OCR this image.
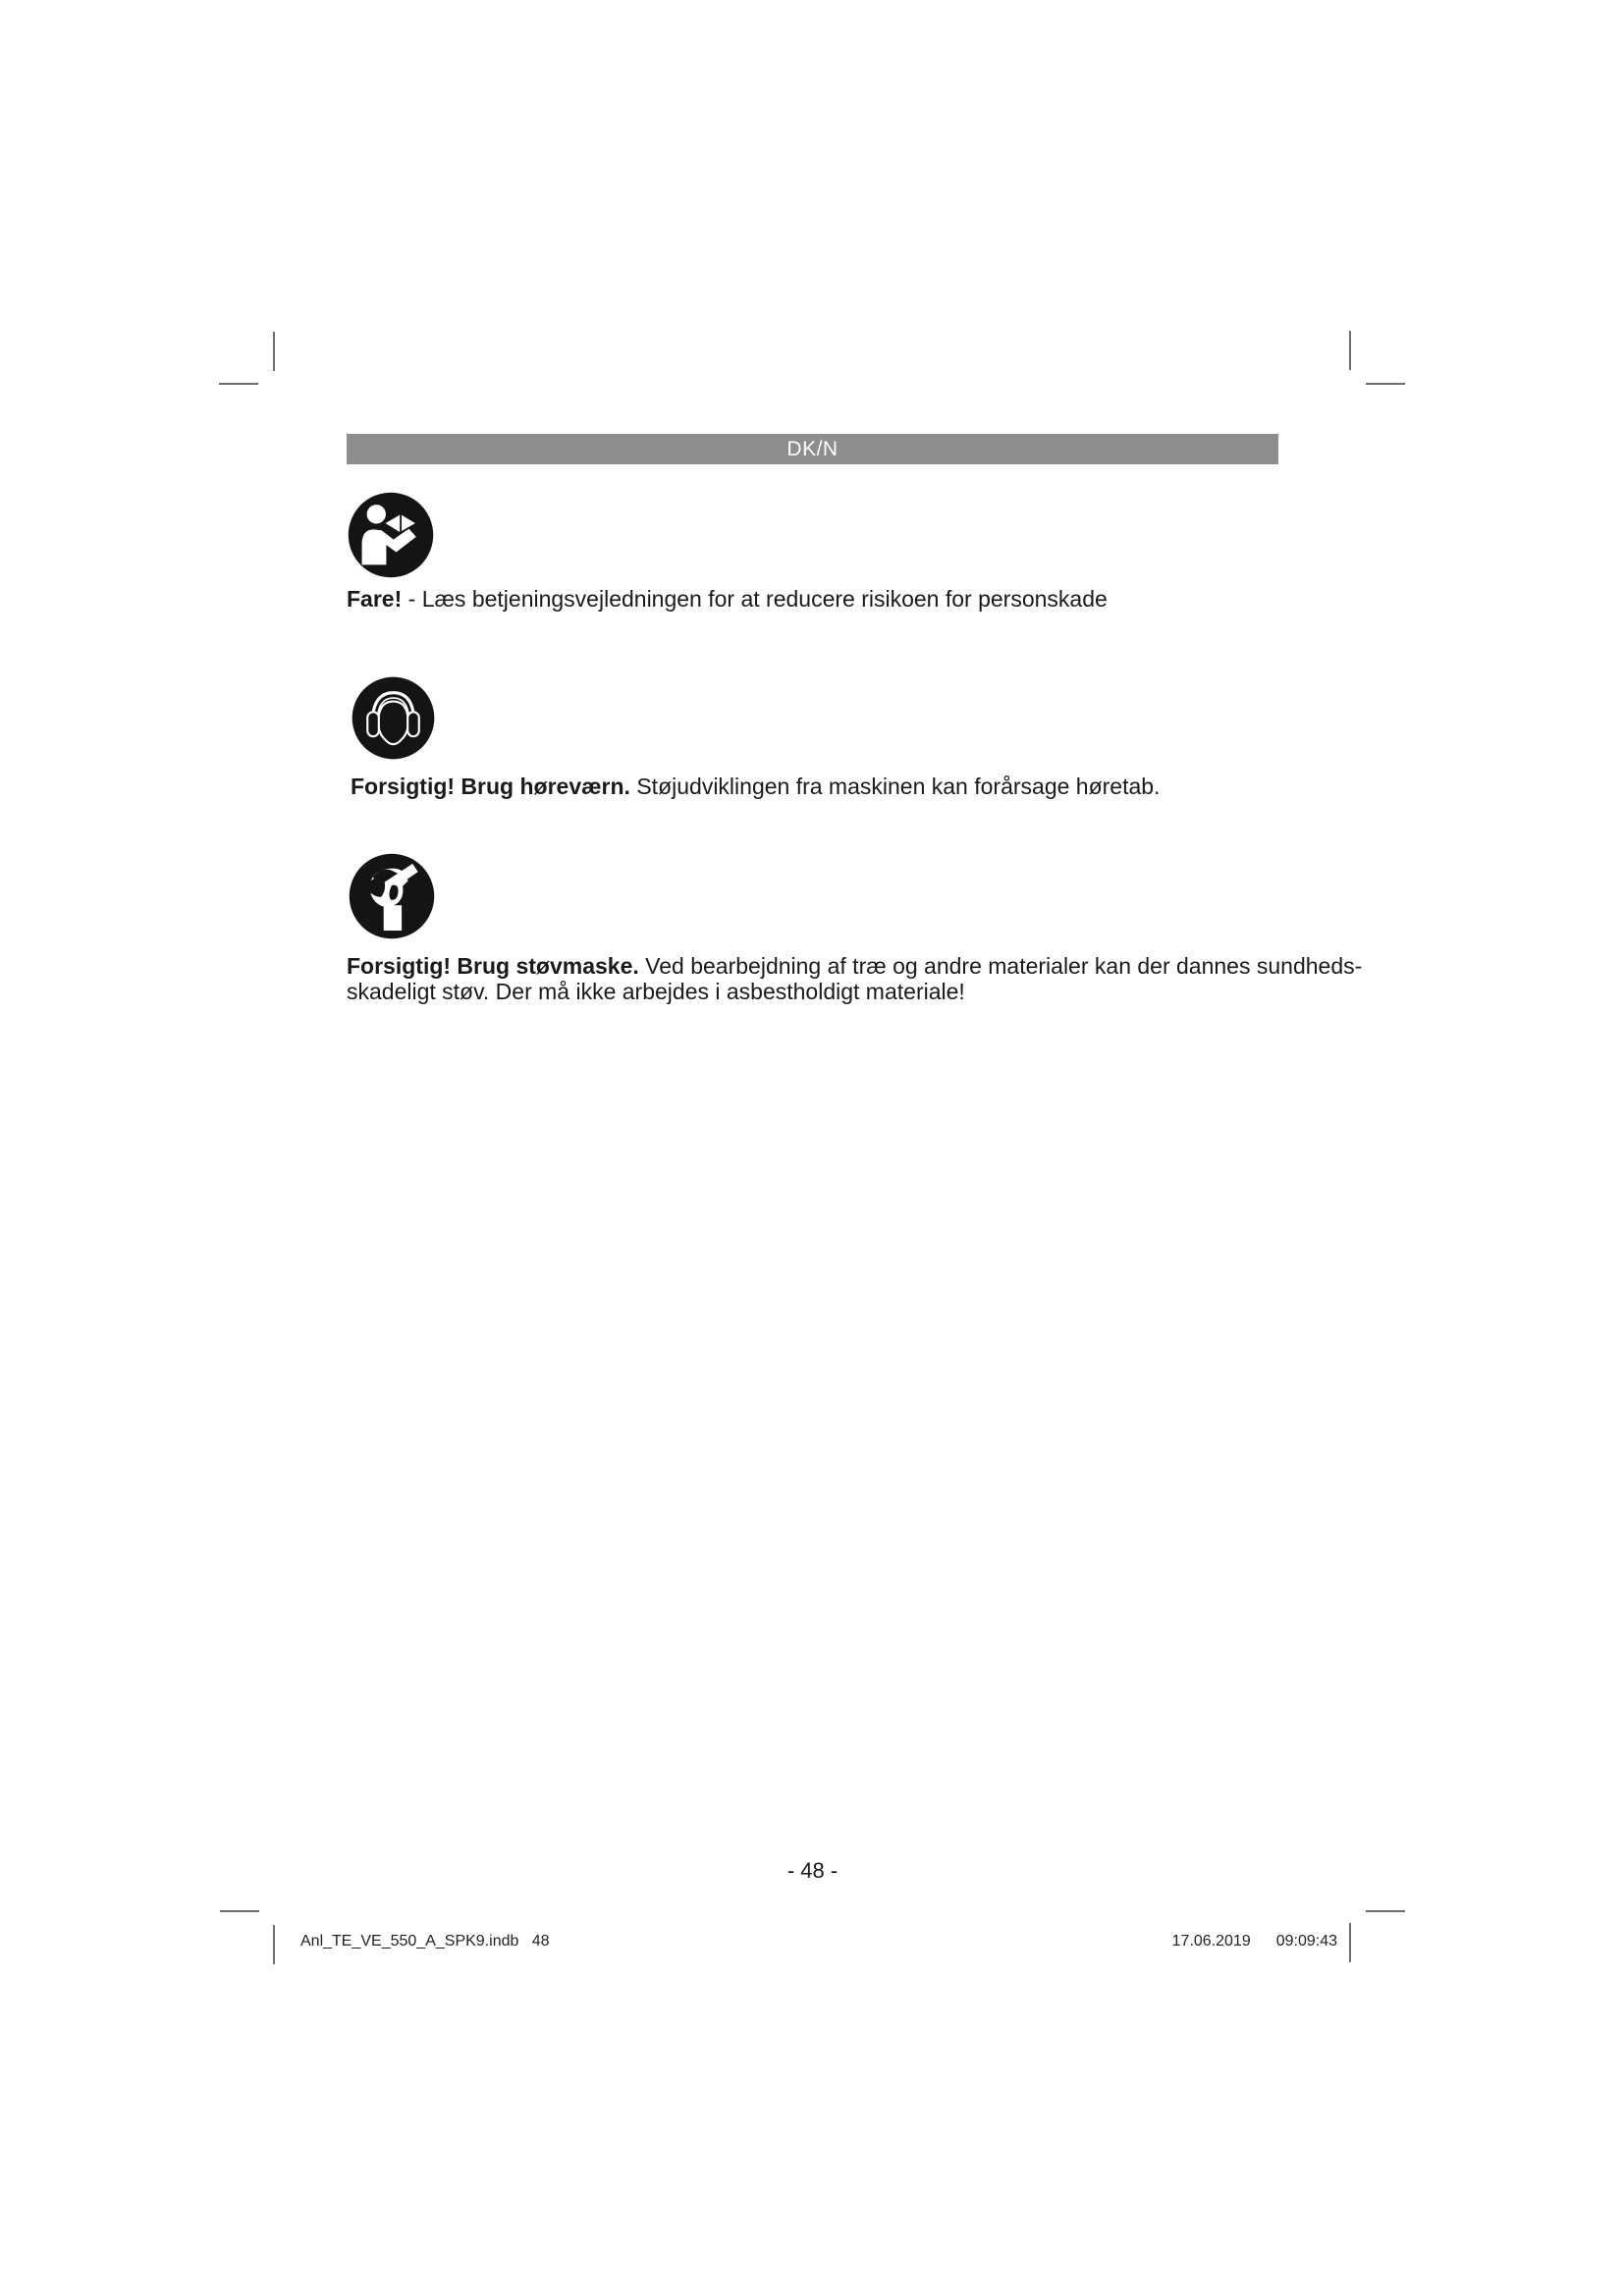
DK/N

Fare! - Læs betjeningsvejledningen for at reducere risikoen for personskade

Forsigtig! Brug høreværn. Støjudviklingen fra maskinen kan forårsage høretab.

Forsigtig! Brug støvmaske. Ved bearbejdning af træ og andre materialer kan der dannes sundheds-
skadeligt støv. Der må ikke arbejdes i asbestholdigt materiale!

- 48 -
Anl_TE_VE_550_A_SPK9.indb   48	17.06.2019 09:09:43
